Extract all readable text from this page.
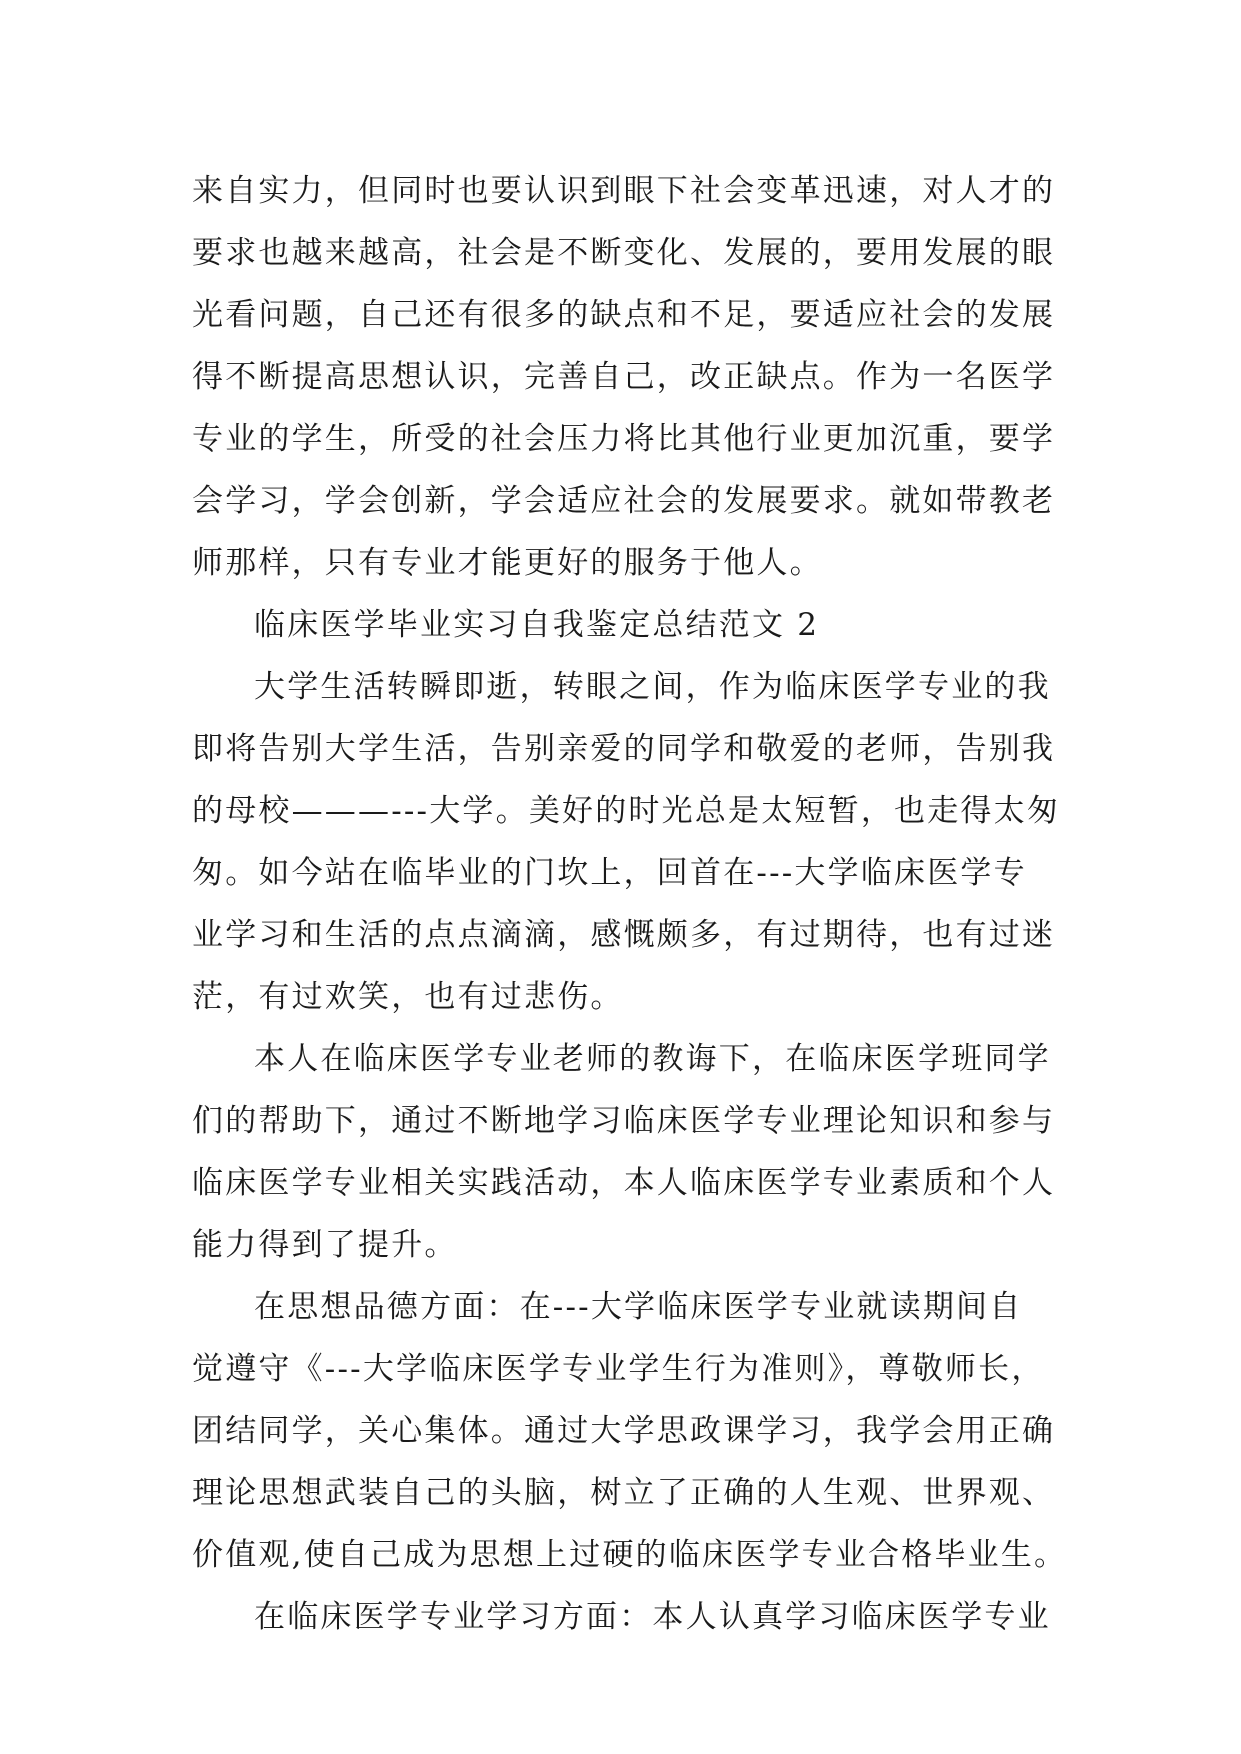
来自实力，但同时也要认识到眼下社会变革迅速，对人才的
要求也越来越高，社会是不断变化、发展的，要用发展的眼
光看问题，自己还有很多的缺点和不足，要适应社会的发展
得不断提高思想认识，完善自己，改正缺点。作为一名医学
专业的学生，所受的社会压力将比其他行业更加沉重，要学
会学习，学会创新，学会适应社会的发展要求。就如带教老
师那样，只有专业才能更好的服务于他人。
临床医学毕业实习自我鉴定总结范文 2
大学生活转瞬即逝，转眼之间，作为临床医学专业的我
即将告别大学生活，告别亲爱的同学和敬爱的老师，告别我
的母校———---大学。美好的时光总是太短暂，也走得太匆
匆。如今站在临毕业的门坎上，回首在---大学临床医学专
业学习和生活的点点滴滴，感慨颇多，有过期待，也有过迷
茫，有过欢笑，也有过悲伤。
本人在临床医学专业老师的教诲下，在临床医学班同学
们的帮助下，通过不断地学习临床医学专业理论知识和参与
临床医学专业相关实践活动，本人临床医学专业素质和个人
能力得到了提升。
在思想品德方面：在---大学临床医学专业就读期间自
觉遵守《---大学临床医学专业学生行为准则》，尊敬师长，
团结同学，关心集体。通过大学思政课学习，我学会用正确
理论思想武装自己的头脑，树立了正确的人生观、世界观、
价值观,使自己成为思想上过硬的临床医学专业合格毕业生。
在临床医学专业学习方面：本人认真学习临床医学专业
